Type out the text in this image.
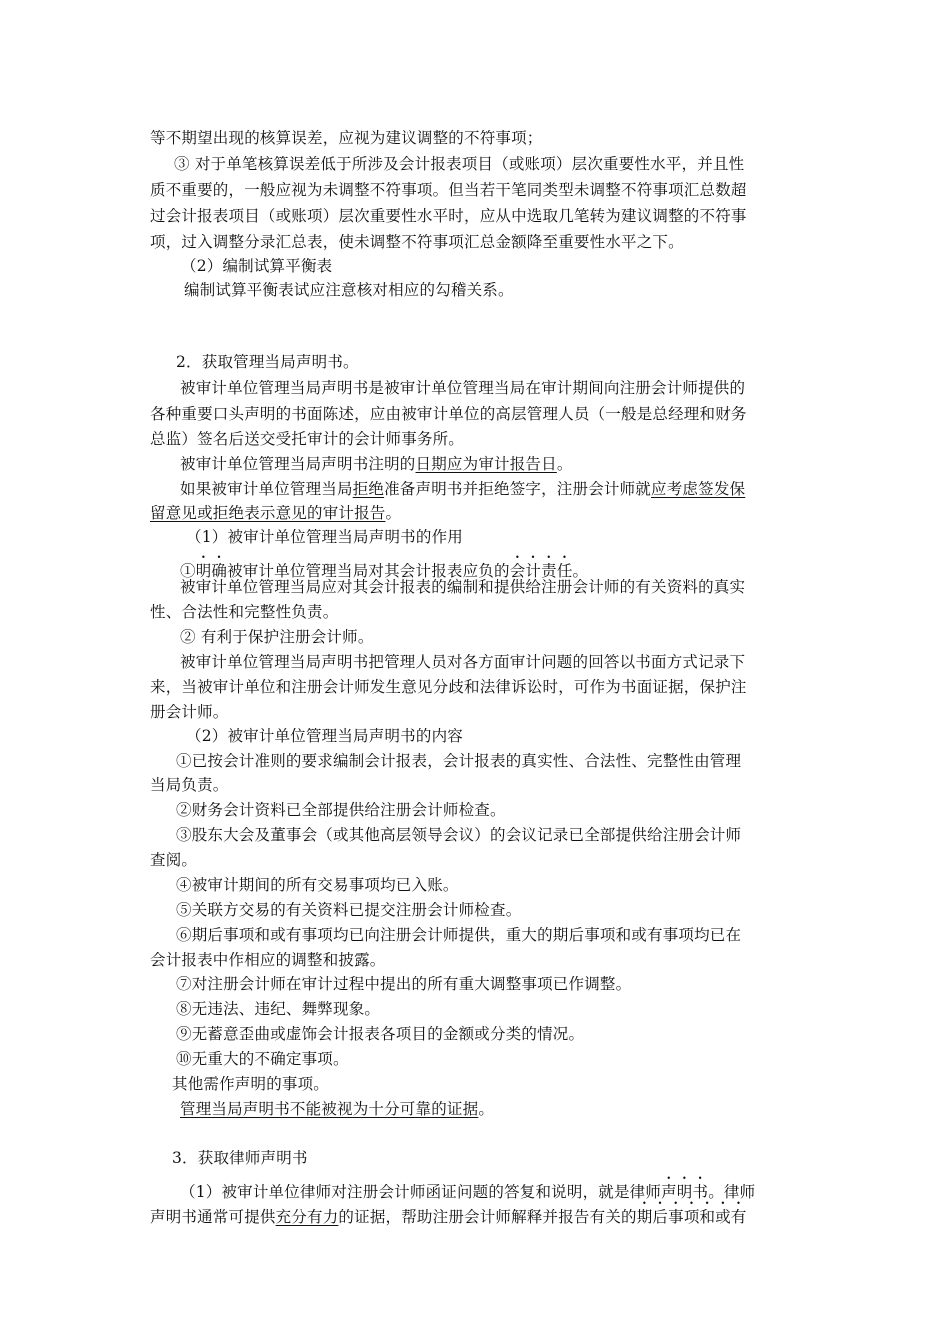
等不期望出现的核算误差，应视为建议调整的不符事项；
③ 对于单笔核算误差低于所涉及会计报表项目（或账项）层次重要性水平，并且性
质不重要的，一般应视为未调整不符事项。但当若干笔同类型未调整不符事项汇总数超
过会计报表项目（或账项）层次重要性水平时，应从中选取几笔转为建议调整的不符事
项，过入调整分录汇总表，使未调整不符事项汇总金额降至重要性水平之下。
（2）编制试算平衡表
编制试算平衡表试应注意核对相应的勾稽关系。
2．获取管理当局声明书。
被审计单位管理当局声明书是被审计单位管理当局在审计期间向注册会计师提供的
各种重要口头声明的书面陈述，应由被审计单位的高层管理人员（一般是总经理和财务
总监）签名后送交受托审计的会计师事务所。
被审计单位管理当局声明书注明的日期应为审计报告日。
如果被审计单位管理当局拒绝准备声明书并拒绝签字，注册会计师就应考虑签发保
留意见或拒绝表示意见的审计报告。
（1）被审计单位管理当局声明书的作用
①明确被审计单位管理当局对其会计报表应负的会计责任。
被审计单位管理当局应对其会计报表的编制和提供给注册会计师的有关资料的真实
性、合法性和完整性负责。
② 有利于保护注册会计师。
被审计单位管理当局声明书把管理人员对各方面审计问题的回答以书面方式记录下
来，当被审计单位和注册会计师发生意见分歧和法律诉讼时，可作为书面证据，保护注
册会计师。
（2）被审计单位管理当局声明书的内容
①已按会计准则的要求编制会计报表，会计报表的真实性、合法性、完整性由管理
当局负责。
②财务会计资料已全部提供给注册会计师检查。
③股东大会及董事会（或其他高层领导会议）的会议记录已全部提供给注册会计师
查阅。
④被审计期间的所有交易事项均已入账。
⑤关联方交易的有关资料已提交注册会计师检查。
⑥期后事项和或有事项均已向注册会计师提供，重大的期后事项和或有事项均已在
会计报表中作相应的调整和披露。
⑦对注册会计师在审计过程中提出的所有重大调整事项已作调整。
⑧无违法、违纪、舞弊现象。
⑨无蓄意歪曲或虚饰会计报表各项目的金额或分类的情况。
⑩无重大的不确定事项。
其他需作声明的事项。
管理当局声明书不能被视为十分可靠的证据。
3．获取律师声明书
（1）被审计单位律师对注册会计师函证问题的答复和说明，就是律师声明书。律师
声明书通常可提供充分有力的证据，帮助注册会计师解释并报告有关的期后事项和或有
